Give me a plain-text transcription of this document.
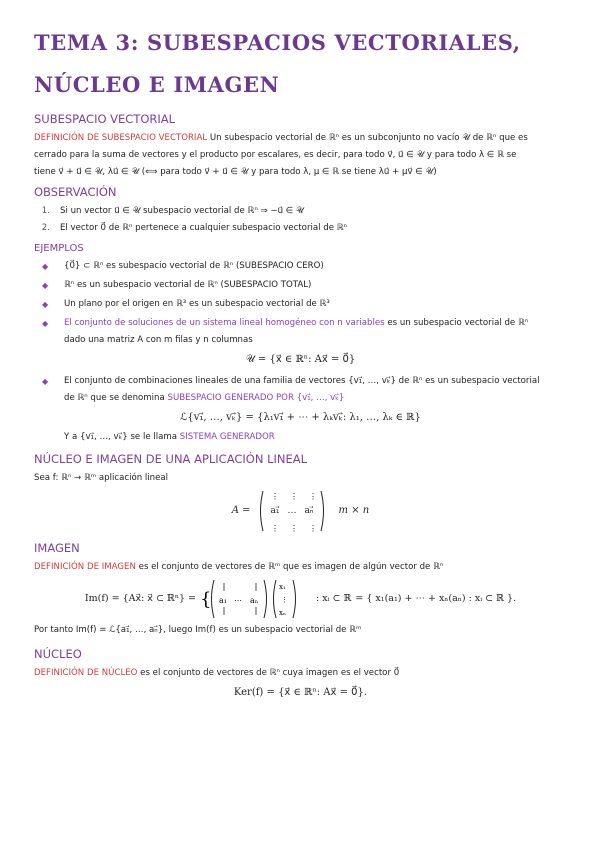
TEMA 3: SUBESPACIOS VECTORIALES, NÚCLEO E IMAGEN
SUBESPACIO VECTORIAL

DEFINICIÓN DE SUBESPACIO VECTORIAL Un subespacio vectorial de ℝⁿ es un subconjunto no vacío 𝒰 de ℝⁿ que es
cerrado para la suma de vectores y el producto por escalares, es decir, para todo v⃗, u⃗ ∈ 𝒰 y para todo λ ∈ ℝ se
tiene v⃗ + u⃗ ∈ 𝒰, λu⃗ ∈ 𝒰 (⟺ para todo v⃗ + u⃗ ∈ 𝒰 y para todo λ, μ ∈ ℝ se tiene λu⃗ + μv⃗ ∈ 𝒰)

OBSERVACIÓN
1. Si un vector u⃗ ∈ 𝒰 subespacio vectorial de ℝⁿ ⇒ −u⃗ ∈ 𝒰
2. El vector 0⃗ de ℝⁿ pertenece a cualquier subespacio vectorial de ℝⁿ
EJEMPLOS
◆	{0⃗} ⊂ ℝⁿ es subespacio vectorial de ℝⁿ (SUBESPACIO CERO)
◆	ℝⁿ es un subespacio vectorial de ℝⁿ (SUBESPACIO TOTAL)
◆	Un plano por el origen en ℝ³ es un subespacio vectorial de ℝ³
◆	El conjunto de soluciones de un sistema lineal homogéneo con n variables es un subespacio vectorial de ℝⁿ
dado una matriz A con m filas y n columnas
𝒰 = {x⃗ ∈ ℝⁿ: Ax⃗ = 0⃗}
◆	El conjunto de combinaciones lineales de una familia de vectores {v₁⃗, …, vₖ⃗} de ℝⁿ es un subespacio vectorial
de ℝⁿ que se denomina SUBESPACIO GENERADO POR {v₁⃗, …, vₖ⃗}
ℒ{v₁⃗, …, vₖ⃗} = {λ₁v₁⃗ + ⋯ + λₖvₖ⃗: λ₁, …, λₖ ∈ ℝ}
Y a {v₁⃗, …, vₖ⃗} se le llama SISTEMA GENERADOR
NÚCLEO E IMAGEN DE UNA APLICACIÓN LINEAL

Sea f: ℝⁿ → ℝᵐ aplicación lineal

A =
⋮ ⋮ ⋮
⋮ ⋮ ⋮
a₁⃗ … aₙ⃗	m × n
IMAGEN

DEFINICIÓN DE IMAGEN es el conjunto de vectores de ℝᵐ que es imagen de algún vector de ℝⁿ

Im(f) = {Ax⃗: x⃗ ⊂ ℝⁿ} = { a₁ ⋯ aₙ
x₁
⋮
xₙ
: xᵢ ⊂ ℝ = { x₁(a₁) + ⋯ + xₙ(aₙ) : xᵢ ⊂ ℝ }.

Por tanto Im(f) = ℒ{a₁⃗, …, aₙ⃗}, luego Im(f) es un subespacio vectorial de ℝᵐ

NÚCLEO

DEFINICIÓN DE NÚCLEO es el conjunto de vectores de ℝⁿ cuya imagen es el vector 0⃗

Ker(f) = {x⃗ ∈ ℝⁿ: Ax⃗ = 0⃗}.
